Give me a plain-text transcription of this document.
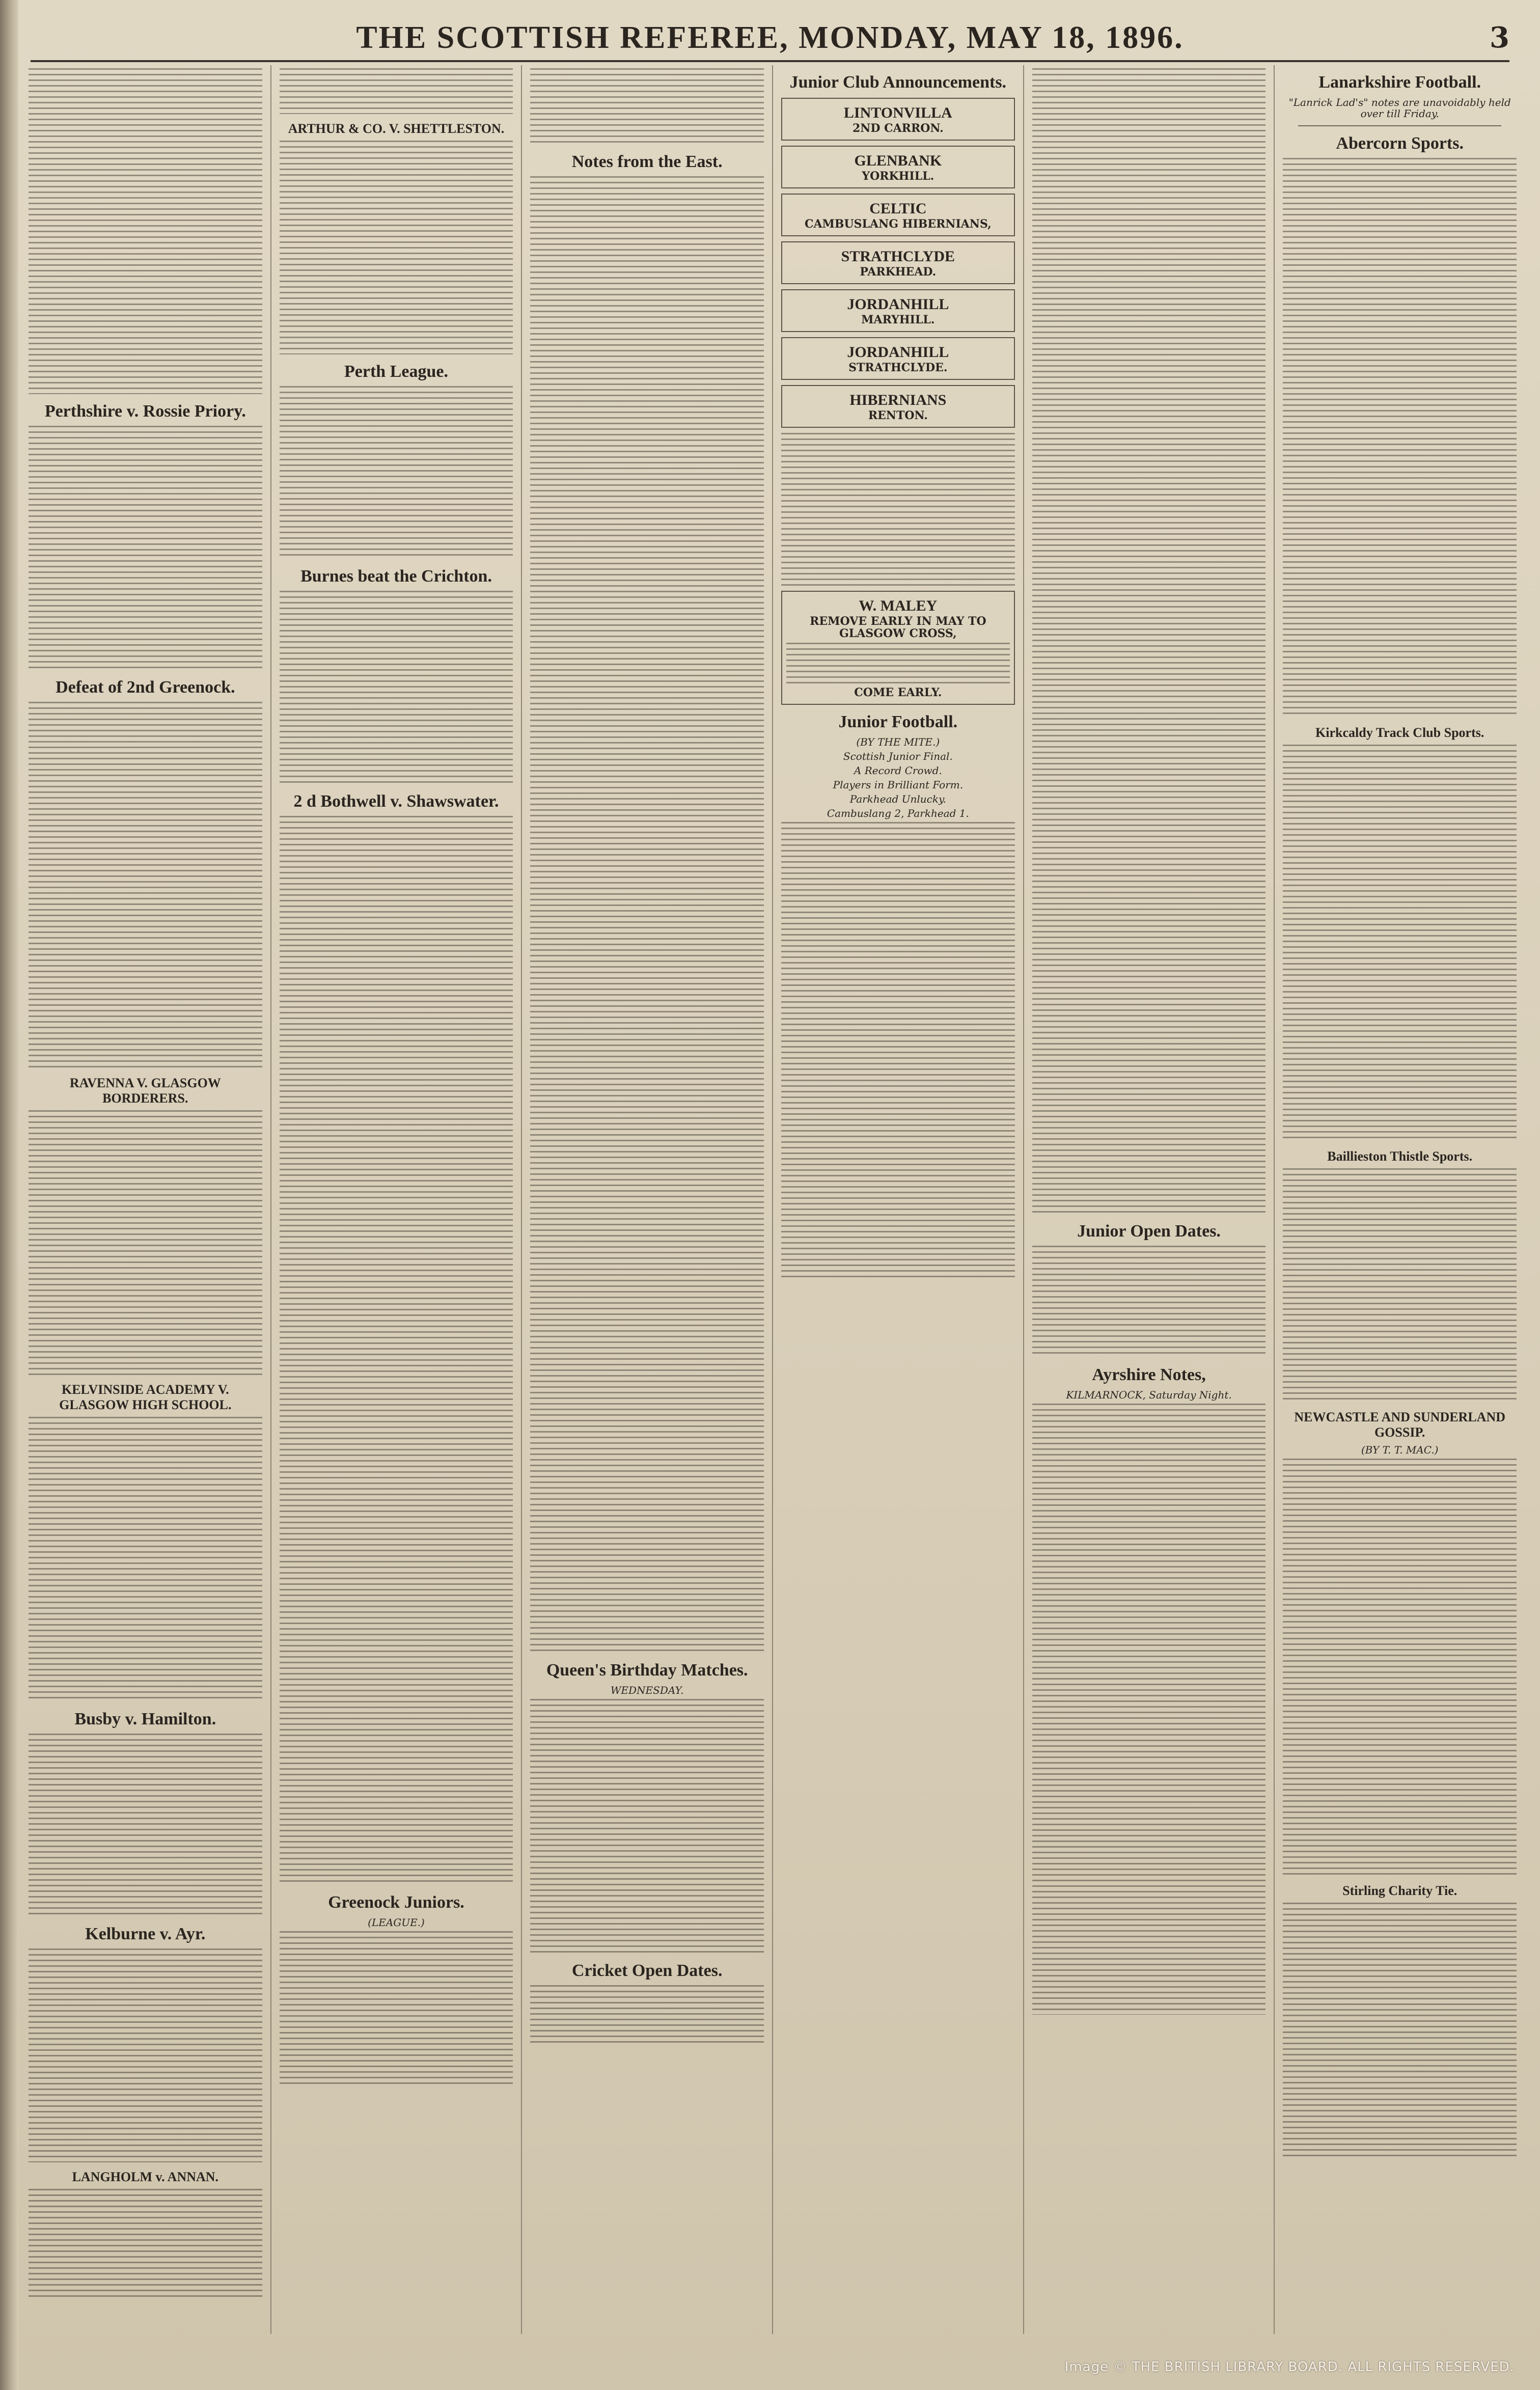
THE SCOTTISH REFEREE, MONDAY, MAY 18, 1896.	3
Perthshire v. Rossie Priory.
Defeat of 2nd Greenock.
RAVENNA V. GLASGOW BORDERERS.
KELVINSIDE ACADEMY V. GLASGOW HIGH SCHOOL.
Busby v. Hamilton.
Kelburne v. Ayr.
LANGHOLM v. ANNAN.
ARTHUR & CO. V. SHETTLESTON.
Perth League.
Burnes beat the Crichton.
2 d Bothwell v. Shawswater.
Greenock Juniors.
(LEAGUE.)
Notes from the East.
Queen's Birthday Matches.
WEDNESDAY.
Cricket Open Dates.
Junior Club Announcements.
LINTONVILLA
2ND CARRON.
GLENBANK
YORKHILL.
CELTIC
CAMBUSLANG HIBERNIANS,
STRATHCLYDE
PARKHEAD.
JORDANHILL
MARYHILL.
JORDANHILL
STRATHCLYDE.
HIBERNIANS
RENTON.
W. MALEY
REMOVE EARLY IN MAY TO GLASGOW CROSS,
COME EARLY.
Junior Football.
(BY THE MITE.)
Scottish Junior Final.
A Record Crowd.
Players in Brilliant Form.
Parkhead Unlucky.
Cambuslang 2, Parkhead 1.
Junior Open Dates.
Ayrshire Notes,
KILMARNOCK, Saturday Night.
Lanarkshire Football.
"Lanrick Lad's" notes are unavoidably held over till Friday.
Abercorn Sports.
Kirkcaldy Track Club Sports.
Baillieston Thistle Sports.
NEWCASTLE AND SUNDERLAND GOSSIP.
(BY T. T. MAC.)
Stirling Charity Tie.
Image © THE BRITISH LIBRARY BOARD. ALL RIGHTS RESERVED.
